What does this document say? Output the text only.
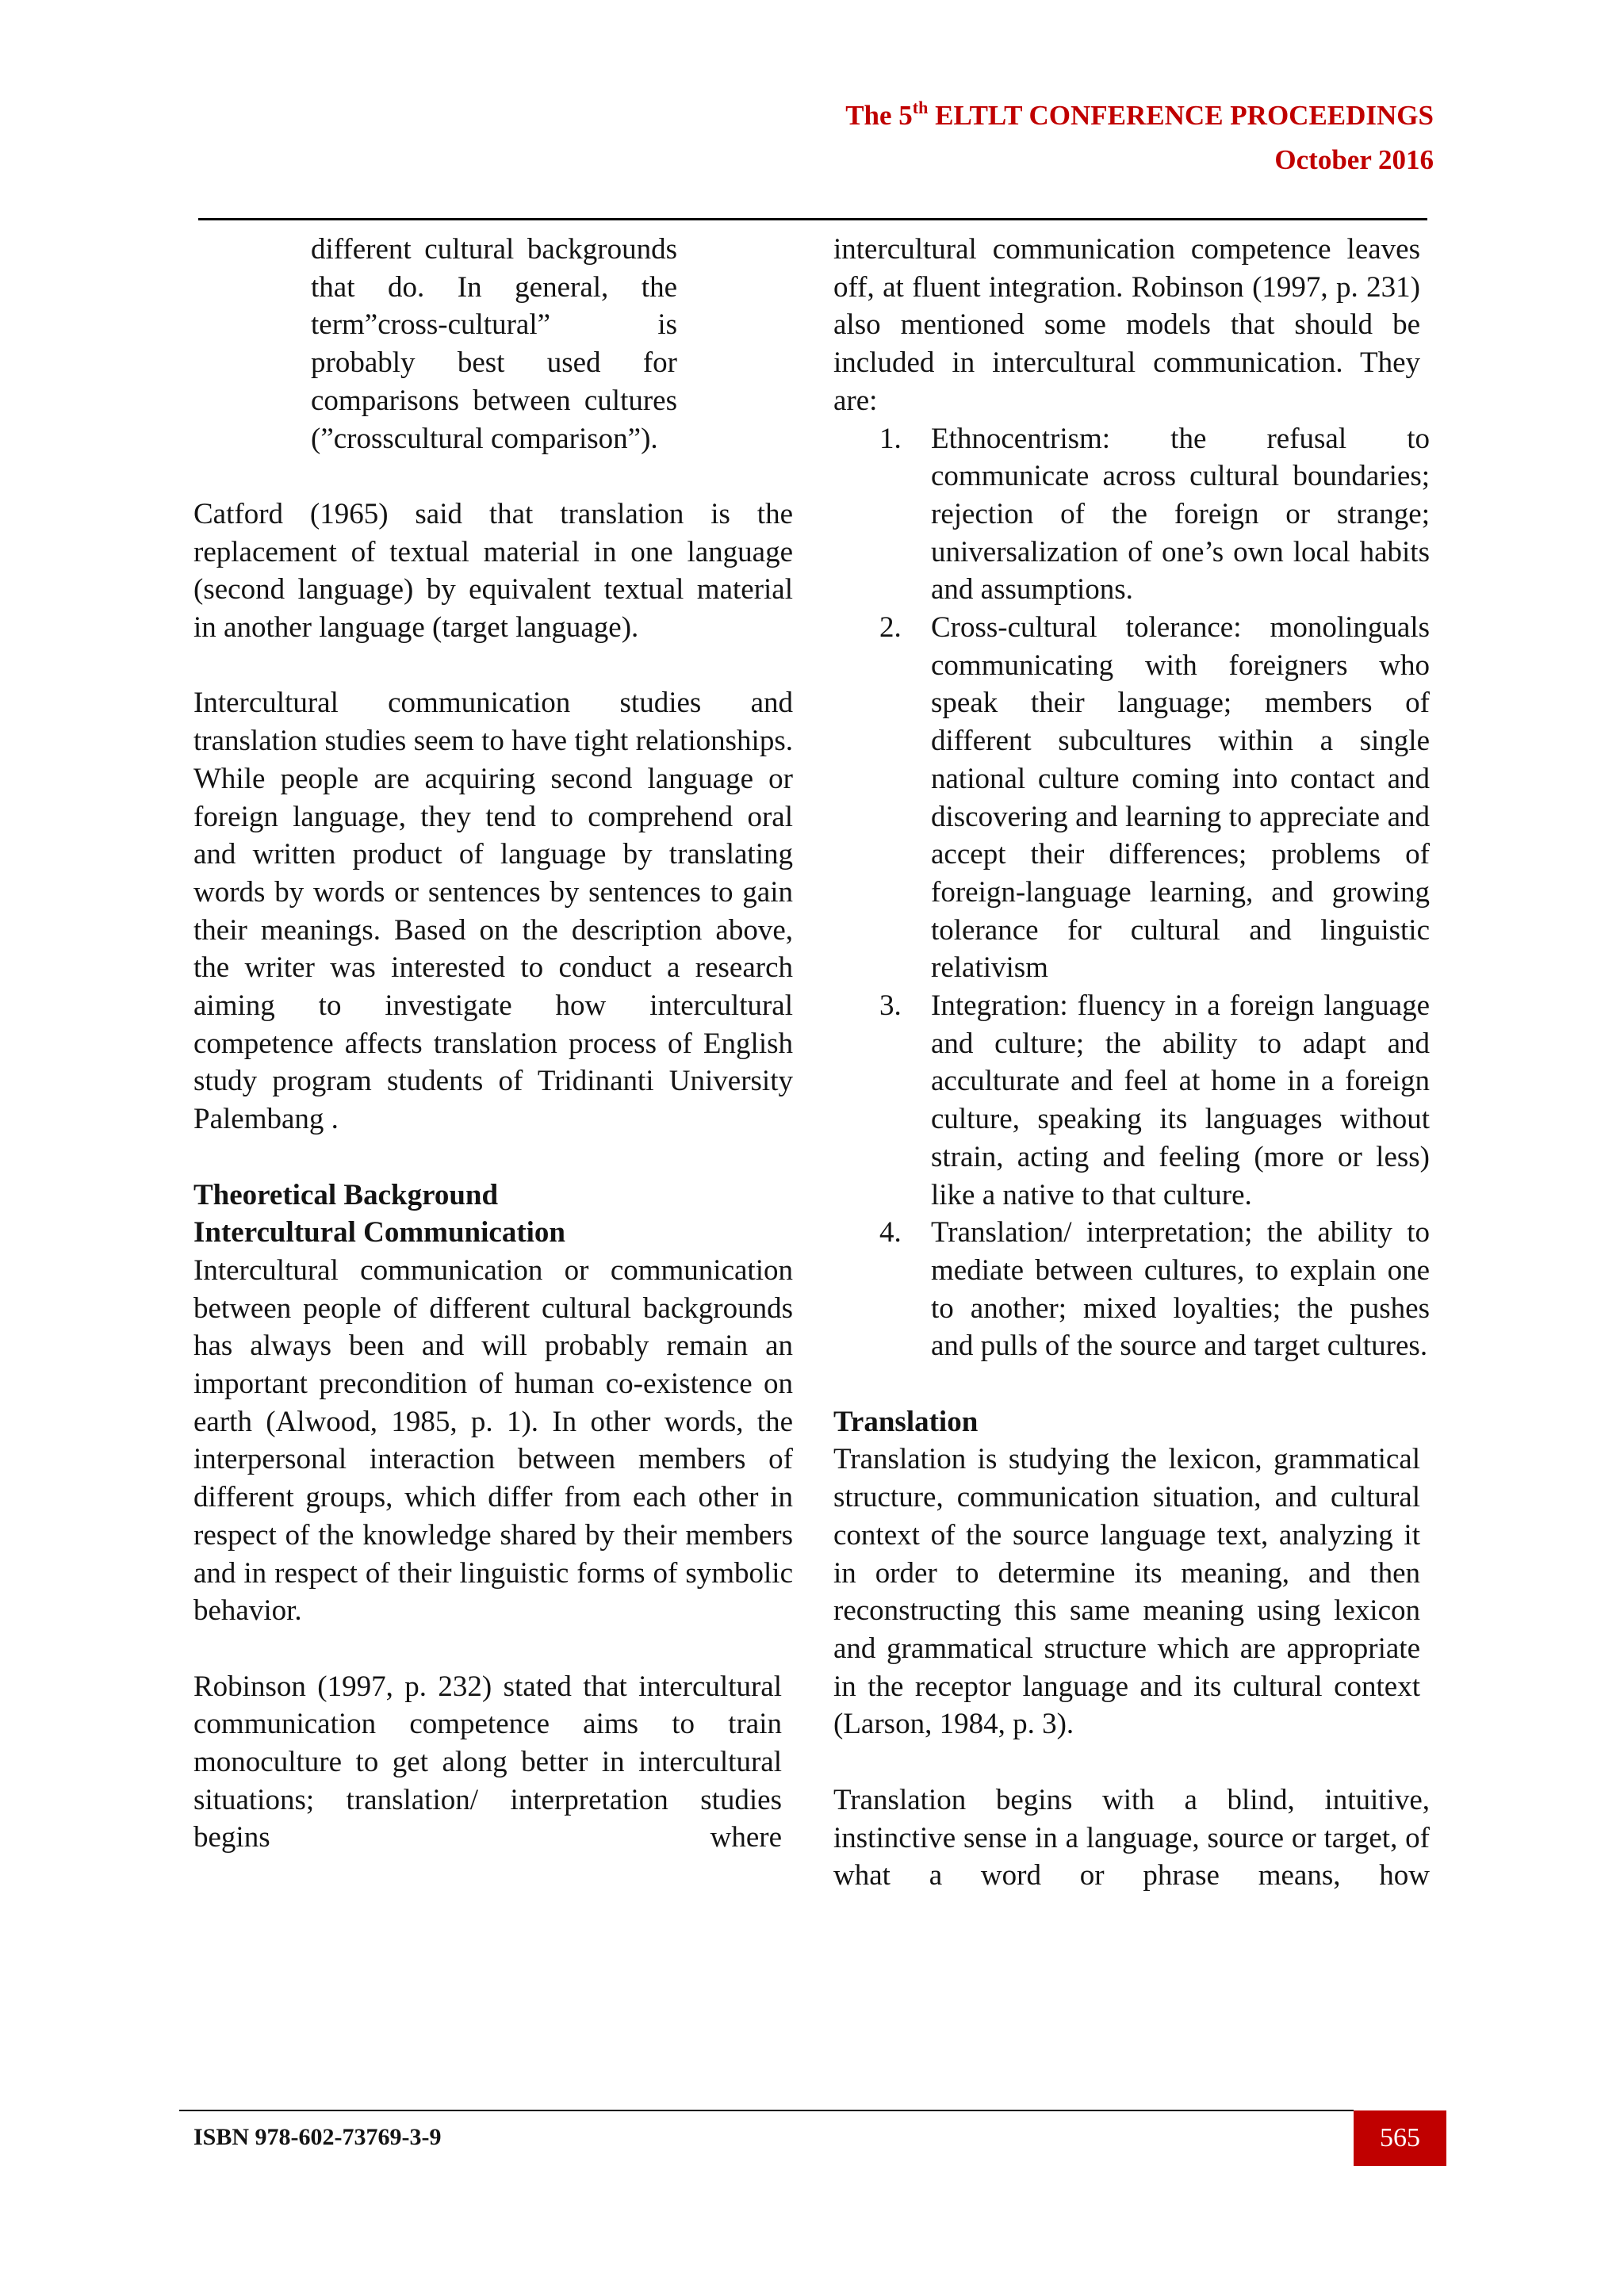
The 5th ELTLT CONFERENCE PROCEEDINGS
October 2016

different cultural backgrounds that do. In general, the term”cross-cultural” is probably best used for comparisons between cultures (”crosscultural comparison”).

Catford (1965) said that translation is the replacement of textual material in one language (second language) by equivalent textual material in another language (target language).

Intercultural communication studies and translation studies seem to have tight relationships. While people are acquiring second language or foreign language, they tend to comprehend oral and written product of language by translating words by words or sentences by sentences to gain their meanings. Based on the description above, the writer was interested to conduct a research aiming to investigate how intercultural competence affects translation process of English study program students of Tridinanti University Palembang .

Theoretical Background

Intercultural Communication

Intercultural communication or communication between people of different cultural backgrounds has always been and will probably remain an important precondition of human co-existence on earth (Alwood, 1985, p. 1). In other words, the interpersonal interaction between members of different groups, which differ from each other in respect of the knowledge shared by their members and in respect of their linguistic forms of symbolic behavior.

Robinson (1997, p. 232) stated that intercultural communication competence aims to train monoculture to get along better in intercultural situations; translation/ interpretation studies begins where

intercultural communication competence leaves off, at fluent integration. Robinson (1997, p. 231) also mentioned some models that should be included in intercultural communication. They are:

1. Ethnocentrism: the refusal to communicate across cultural boundaries; rejection of the foreign or strange; universalization of one’s own local habits and assumptions.
2. Cross-cultural tolerance: monolinguals communicating with foreigners who speak their language; members of different subcultures within a single national culture coming into contact and discovering and learning to appreciate and accept their differences; problems of foreign-language learning, and growing tolerance for cultural and linguistic relativism
3. Integration: fluency in a foreign language and culture; the ability to adapt and acculturate and feel at home in a foreign culture, speaking its languages without strain, acting and feeling (more or less) like a native to that culture.
4. Translation/ interpretation; the ability to mediate between cultures, to explain one to another; mixed loyalties; the pushes and pulls of the source and target cultures.

Translation

Translation is studying the lexicon, grammatical structure, communication situation, and cultural context of the source language text, analyzing it in order to determine its meaning, and then reconstructing this same meaning using lexicon and grammatical structure which are appropriate in the receptor language and its cultural context (Larson, 1984, p. 3).

Translation begins with a blind, intuitive, instinctive sense in a language, source or target, of what a word or phrase means, how

ISBN 978-602-73769-3-9	565
